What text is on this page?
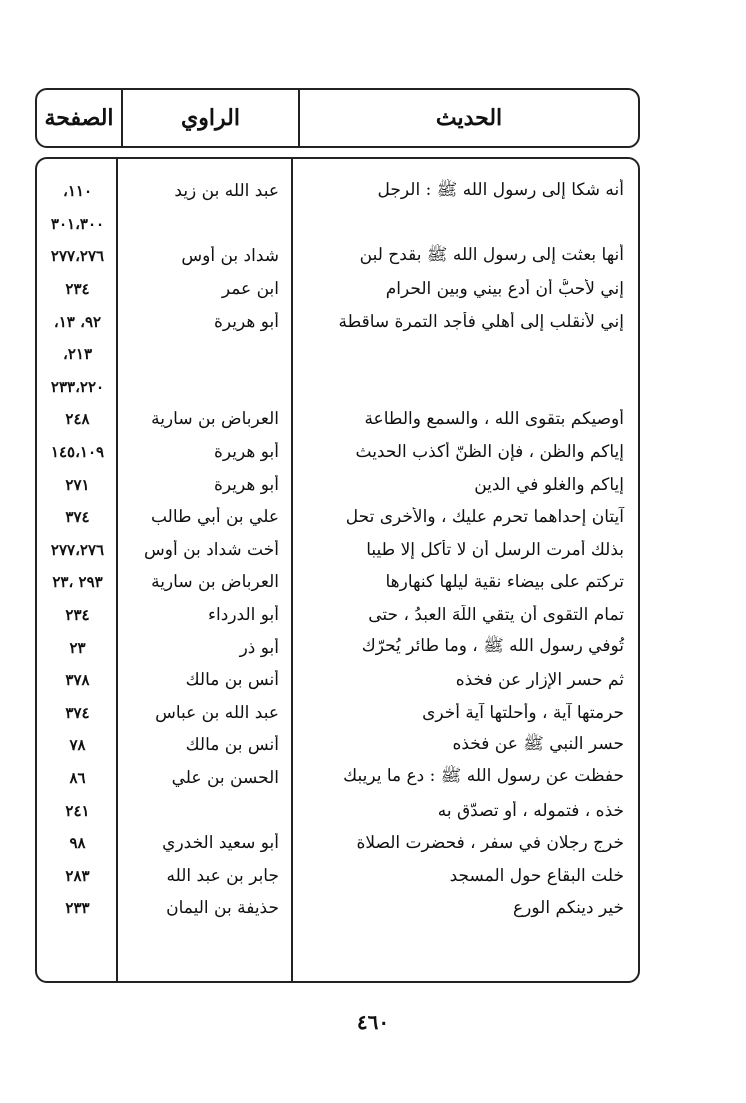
الحديث
الراوي
الصفحة
أنه شكا إلى رسول الله ﷺ : الرجل
عبد الله بن زيد
١١٠،
٣٠١،٣٠٠
أنها بعثت إلى رسول الله ﷺ بقدح لبن
شداد بن أوس
٢٧٧،٢٧٦
إني لأحبُّ أن أدع بيني وبين الحرام
ابن عمر
٢٣٤
إني لأنقلب إلى أهلي فأجد التمرة ساقطة
أبو هريرة
٩٢، ١٣،
٢١٣،
٢٣٣،٢٢٠
أوصيكم بتقوى الله ، والسمع والطاعة
العرباض بن سارية
٢٤٨
إياكم والظن ، فإن الظنّ أكذب الحديث
أبو هريرة
١٤٥،١٠٩
إياكم والغلو في الدين
أبو هريرة
٢٧١
آيتان إحداهما تحرم عليك ، والأخرى تحل
علي بن أبي طالب
٣٧٤
بذلك أُمرت الرسل أن لا تأكل إلا طيبا
أخت شداد بن أوس
٢٧٧،٢٧٦
تركتم على بيضاء نقية ليلها كنهارها
العرباض بن سارية
٢٩٣ ،٢٣
تمام التقوى أن يتقي اللّهَ العبدُ ، حتى
أبو الدرداء
٢٣٤
تُوفي رسول الله ﷺ ، وما طائر يُحرّك
أبو ذر
٢٣
ثم حسر الإزار عن فخذه
أنس بن مالك
٣٧٨
حرمتها آية ، وأحلتها آية أخرى
عبد الله بن عباس
٣٧٤
حسر النبي ﷺ عن فخذه
أنس بن مالك
٧٨
حفظت عن رسول الله ﷺ : دع ما يريبك
الحسن بن علي
٨٦
خذه ، فتموله ، أو تصدّق به
٢٤١
خرج رجلان في سفر ، فحضرت الصلاة
أبو سعيد الخدري
٩٨
خلت البقاع حول المسجد
جابر بن عبد الله
٢٨٣
خير دينكم الورع
حذيفة بن اليمان
٢٣٣
٤٦٠
